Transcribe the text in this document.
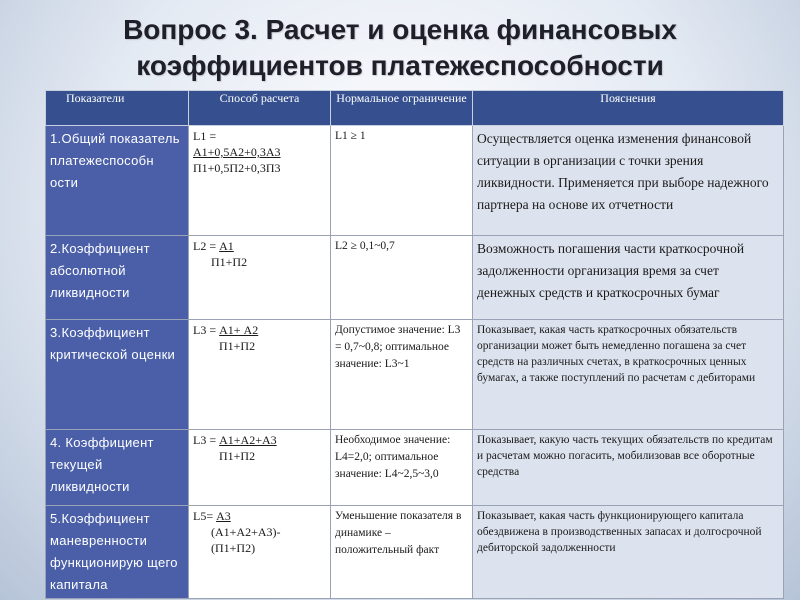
Вопрос 3. Расчет и оценка финансовых
коэффициентов платежеспособности
Показатели	Способ расчета	Нормальное ограничение	Пояснения
1.Общий показатель платежеспособн ости	L1 =
А1+0,5А2+0,3А3
П1+0,5П2+0,3П3	L1 ≥ 1	Осуществляется оценка изменения финансовой ситуации в организации с точки зрения ликвидности. Применяется при выборе надежного партнера на основе их отчетности
2.Коэффициент абсолютной ликвидности	L2 = А1
П1+П2	L2 ≥ 0,1~0,7	Возможность погашения части краткосрочной задолженности организация время за счет денежных средств и краткосрочных бумаг
3.Коэффициент критической оценки	L3 = А1+ А2
П1+П2	Допустимое значение: L3 = 0,7~0,8; оптимальное значение: L3~1	Показывает, какая часть краткосрочных обязательств организации может быть немедленно погашена за счет средств на различных счетах, в краткосрочных ценных бумагах, а также поступлений по расчетам с дебиторами
4. Коэффициент текущей ликвидности	L3 = А1+А2+А3
П1+П2	Необходимое значение: L4=2,0; оптимальное значение: L4~2,5~3,0	Показывает, какую часть текущих обязательств по кредитам и расчетам можно погасить, мобилизовав все оборотные средства
5.Коэффициент маневренности функционирую щего капитала	L5= А3
(А1+А2+А3)-
(П1+П2)	Уменьшение показателя в динамике – положительный факт	Показывает, какая часть функционирующего капитала обездвижена в производственных запасах и долгосрочной дебиторской задолженности
